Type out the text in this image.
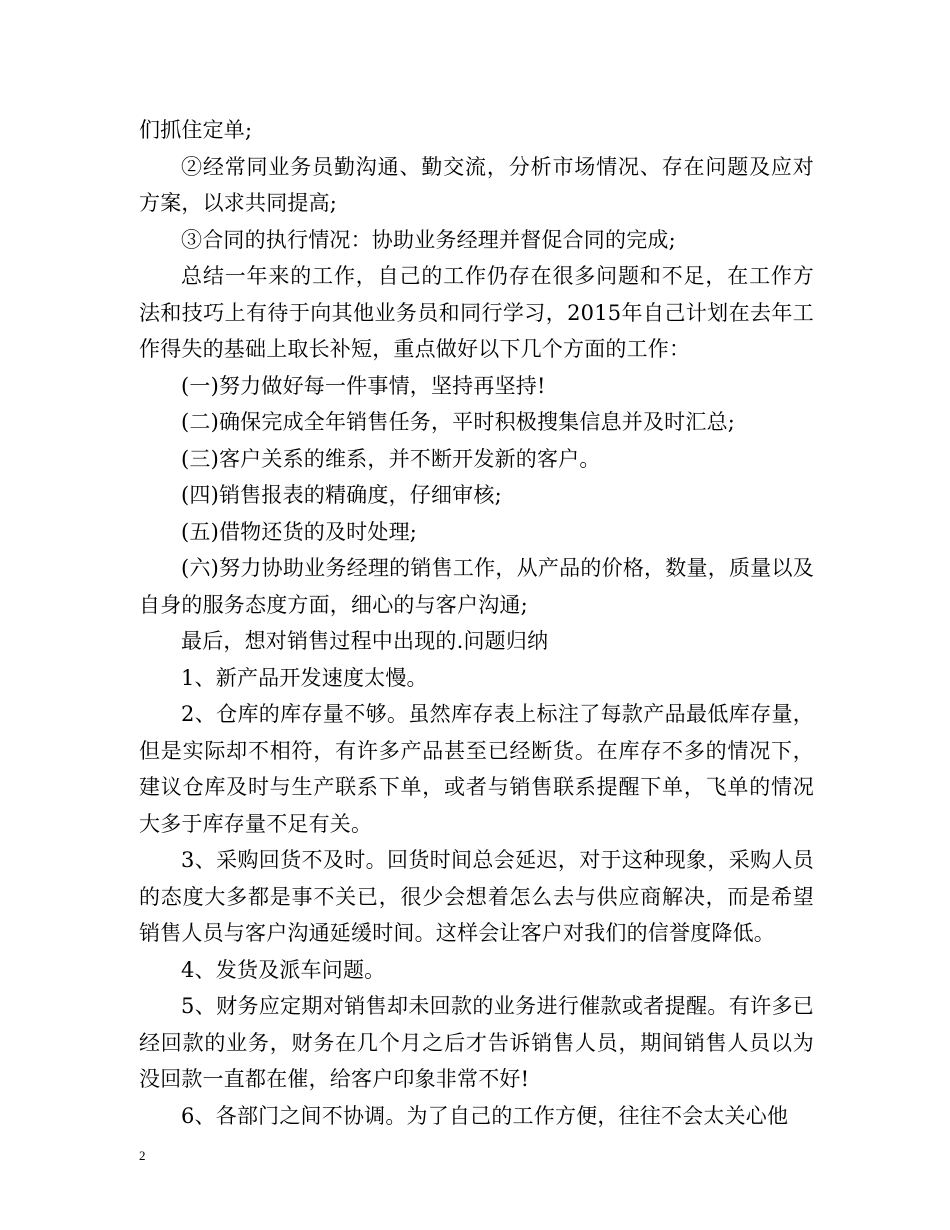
们抓住定单;

②经常同业务员勤沟通、勤交流，分析市场情况、存在问题及应对方案，以求共同提高;

③合同的执行情况：协助业务经理并督促合同的完成;

总结一年来的工作，自己的工作仍存在很多问题和不足，在工作方法和技巧上有待于向其他业务员和同行学习，2015年自己计划在去年工作得失的基础上取长补短，重点做好以下几个方面的工作：

(一)努力做好每一件事情，坚持再坚持!

(二)确保完成全年销售任务，平时积极搜集信息并及时汇总;

(三)客户关系的维系，并不断开发新的客户。

(四)销售报表的精确度，仔细审核;

(五)借物还货的及时处理;

(六)努力协助业务经理的销售工作，从产品的价格，数量，质量以及自身的服务态度方面，细心的与客户沟通;

最后，想对销售过程中出现的.问题归纳

1、新产品开发速度太慢。

2、仓库的库存量不够。虽然库存表上标注了每款产品最低库存量，但是实际却不相符，有许多产品甚至已经断货。在库存不多的情况下，建议仓库及时与生产联系下单，或者与销售联系提醒下单，飞单的情况大多于库存量不足有关。

3、采购回货不及时。回货时间总会延迟，对于这种现象，采购人员的态度大多都是事不关已，很少会想着怎么去与供应商解决，而是希望销售人员与客户沟通延缓时间。这样会让客户对我们的信誉度降低。

4、发货及派车问题。

5、财务应定期对销售却未回款的业务进行催款或者提醒。有许多已经回款的业务，财务在几个月之后才告诉销售人员，期间销售人员以为没回款一直都在催，给客户印象非常不好!

6、各部门之间不协调。为了自己的工作方便，往往不会太关心他

2
